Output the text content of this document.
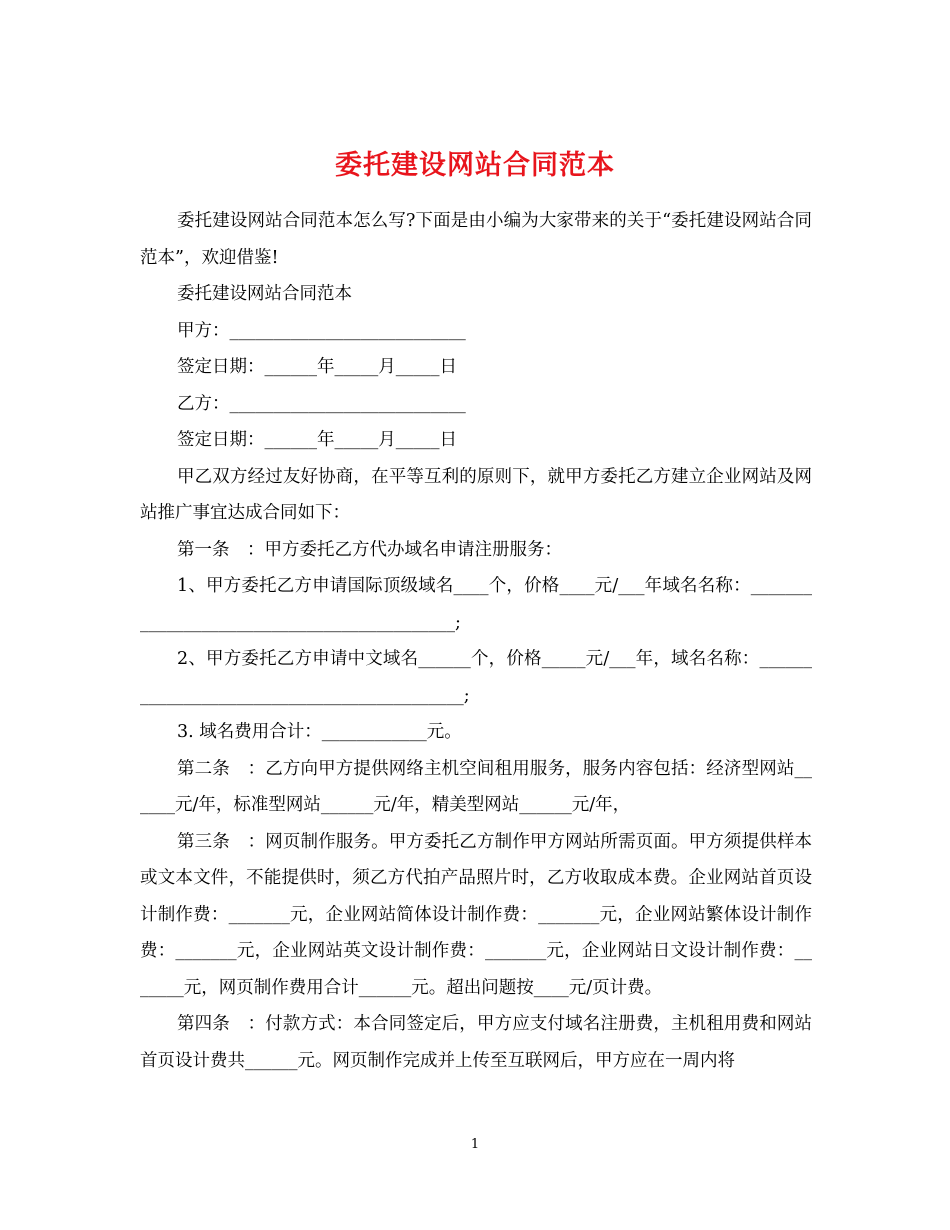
委托建设网站合同范本

委托建设网站合同范本怎么写?下面是由小编为大家带来的关于“委托建设网站合同范本”，欢迎借鉴!

委托建设网站合同范本

甲方：___________________________

签定日期：______年_____月_____日

乙方：___________________________

签定日期：______年_____月_____日

甲乙双方经过友好协商，在平等互利的原则下，就甲方委托乙方建立企业网站及网站推广事宜达成合同如下：

第一条　：甲方委托乙方代办域名申请注册服务：

1、甲方委托乙方申请国际顶级域名____个，价格____元/___年域名名称：___________________________________________;

2、甲方委托乙方申请中文域名______个，价格_____元/___年，域名名称：___________________________________________;

3. 域名费用合计：____________元。

第二条　：乙方向甲方提供网络主机空间租用服务，服务内容包括：经济型网站______元/年，标准型网站______元/年，精美型网站______元/年，

第三条　：网页制作服务。甲方委托乙方制作甲方网站所需页面。甲方须提供样本或文本文件，不能提供时，须乙方代拍产品照片时，乙方收取成本费。企业网站首页设计制作费：_______元，企业网站简体设计制作费：_______元，企业网站繁体设计制作费：_______元，企业网站英文设计制作费：_______元，企业网站日文设计制作费：_______元，网页制作费用合计______元。超出问题按____元/页计费。

第四条　：付款方式：本合同签定后，甲方应支付域名注册费，主机租用费和网站首页设计费共______元。网页制作完成并上传至互联网后，甲方应在一周内将

1
